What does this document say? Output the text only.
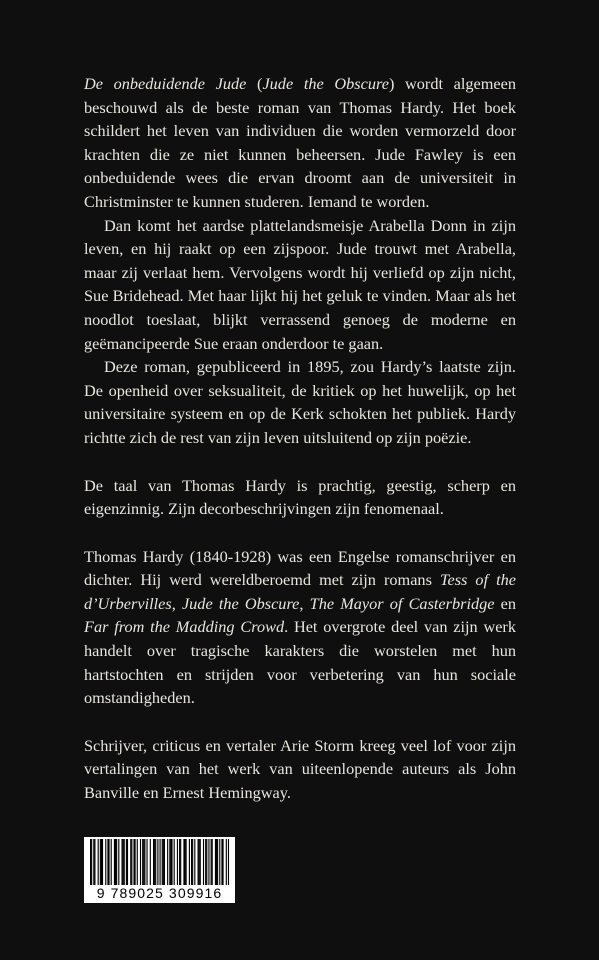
De onbeduidende Jude (Jude the Obscure) wordt algemeen beschouwd als de beste roman van Thomas Hardy. Het boek schildert het leven van individuen die worden vermorzeld door krachten die ze niet kunnen beheersen. Jude Fawley is een onbeduidende wees die ervan droomt aan de universiteit in Christminster te kunnen studeren. Iemand te worden.

Dan komt het aardse plattelandsmeisje Arabella Donn in zijn leven, en hij raakt op een zijspoor. Jude trouwt met Arabella, maar zij verlaat hem. Vervolgens wordt hij verliefd op zijn nicht, Sue Bridehead. Met haar lijkt hij het geluk te vinden. Maar als het noodlot toeslaat, blijkt verrassend genoeg de moderne en geëmancipeerde Sue eraan onderdoor te gaan.

Deze roman, gepubliceerd in 1895, zou Hardy’s laatste zijn. De openheid over seksualiteit, de kritiek op het huwelijk, op het universitaire systeem en op de Kerk schokten het publiek. Hardy richtte zich de rest van zijn leven uitsluitend op zijn poëzie.

De taal van Thomas Hardy is prachtig, geestig, scherp en eigenzinnig. Zijn decorbeschrijvingen zijn fenomenaal.

Thomas Hardy (1840-1928) was een Engelse romanschrijver en dichter. Hij werd wereldberoemd met zijn romans Tess of the d’Urbervilles, Jude the Obscure, The Mayor of Casterbridge en Far from the Madding Crowd. Het overgrote deel van zijn werk handelt over tragische karakters die worstelen met hun hartstochten en strijden voor verbetering van hun sociale omstandigheden.

Schrijver, criticus en vertaler Arie Storm kreeg veel lof voor zijn vertalingen van het werk van uiteenlopende auteurs als John Banville en Ernest Hemingway.

9 789025 309916
